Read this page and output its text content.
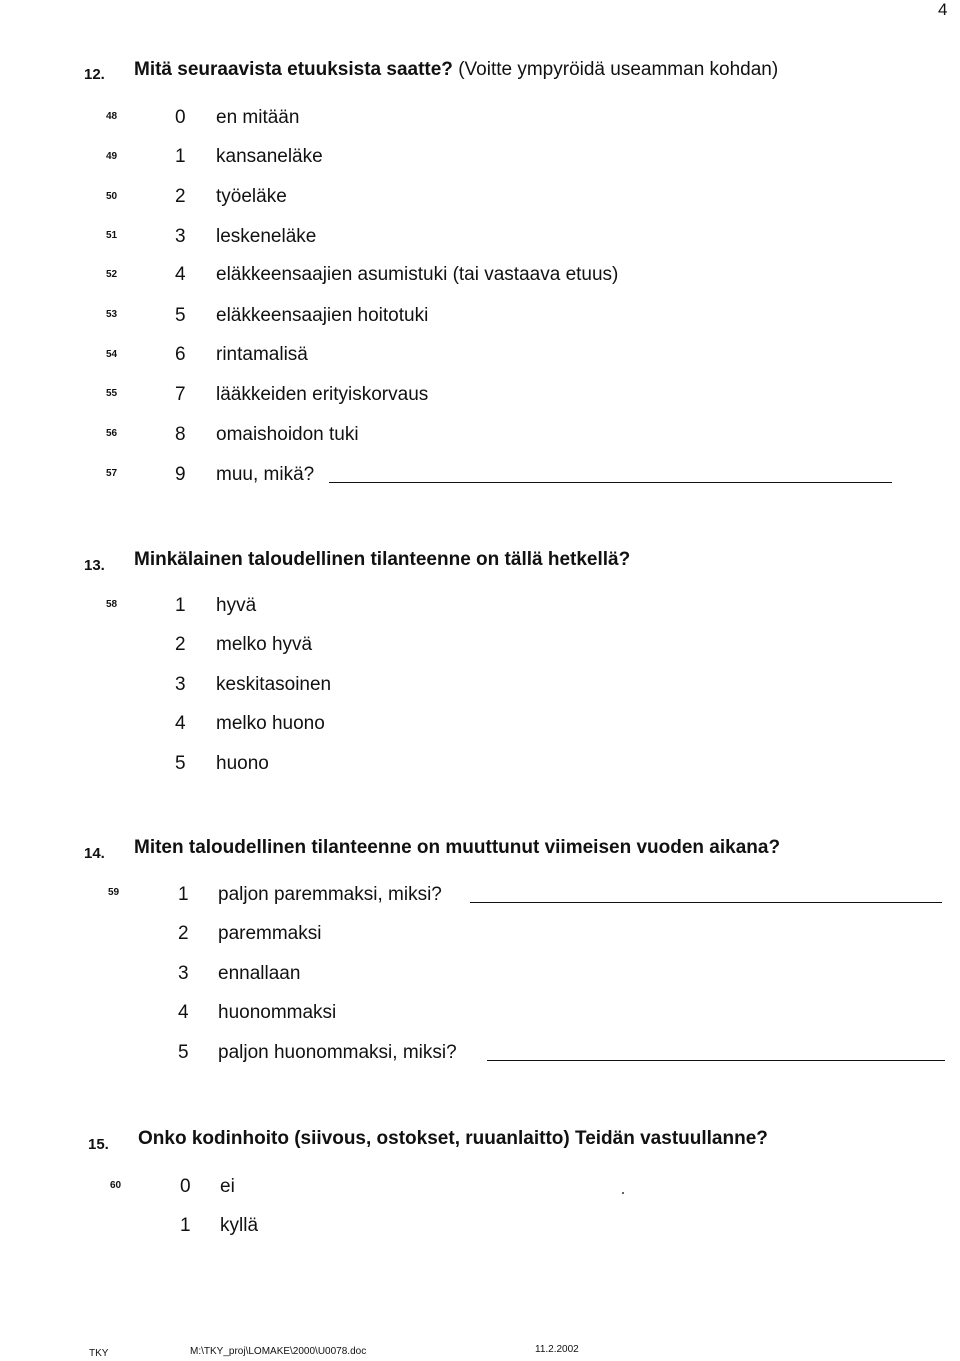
4
12. Mitä seuraavista etuuksista saatte? (Voitte ympyröidä useamman kohdan)
48	0 en mitään
49	1 kansaneläke
50	2 työeläke
51	3 leskeneläke
52	4 eläkkeensaajien asumistuki (tai vastaava etuus)
53	5 eläkkeensaajien hoitotuki
54	6 rintamalisä
55	7 lääkkeiden erityiskorvaus
56	8 omaishoidon tuki
57	9 muu, mikä?
13. Minkälainen taloudellinen tilanteenne on tällä hetkellä?
58	1 hyvä
2 melko hyvä
3 keskitasoinen
4 melko huono
5 huono
14. Miten taloudellinen tilanteenne on muuttunut viimeisen vuoden aikana?
59	1 paljon paremmaksi, miksi?
2 paremmaksi
3 ennallaan
4 huonommaksi
5 paljon huonommaksi, miksi?
15. Onko kodinhoito (siivous, ostokset, ruuanlaitto) Teidän vastuullanne?
60	0 ei
1 kyllä
TKY	M:\TKY_proj\LOMAKE\2000\U0078.doc	11.2.2002
